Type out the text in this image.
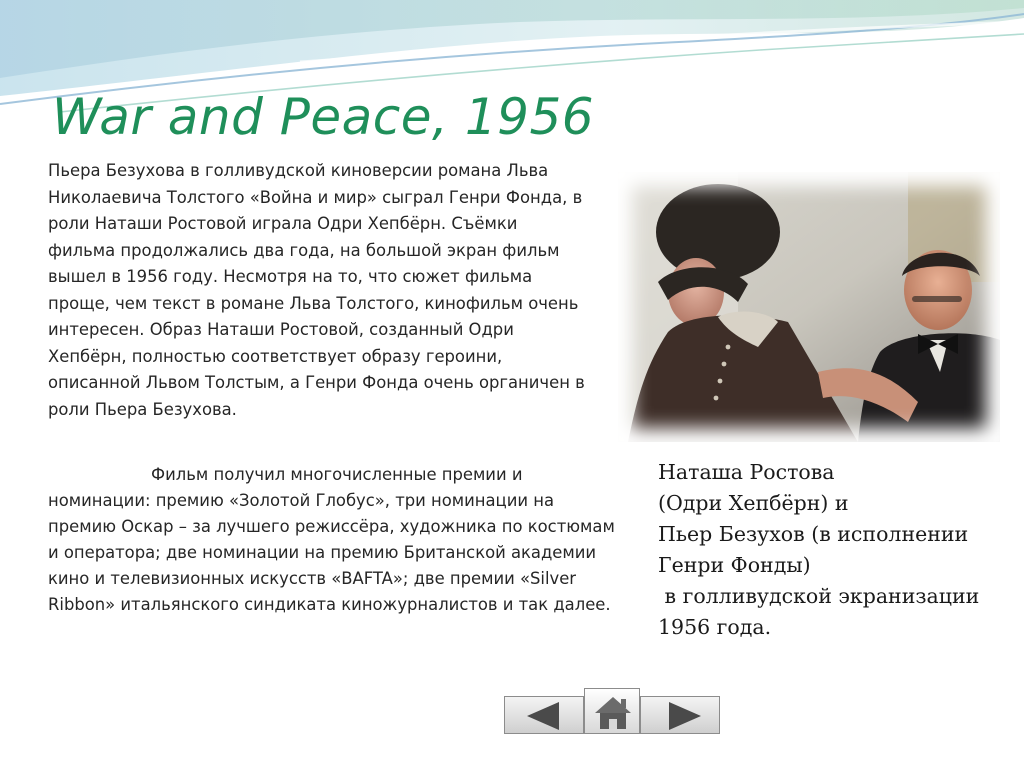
War and Peace, 1956

Пьера Безухова в голливудской киноверсии романа Льва Николаевича Толстого «Война и мир» сыграл Генри Фонда, в роли Наташи Ростовой играла Одри Хепбёрн. Съёмки фильма продолжались два года, на большой экран фильм вышел в 1956 году. Несмотря на то, что сюжет фильма проще, чем текст в романе Льва Толстого, кинофильм очень интересен. Образ Наташи Ростовой, созданный Одри Хепбёрн, полностью соответствует образу героини, описанной Львом Толстым, а Генри Фонда очень органичен в роли Пьера Безухова.

Фильм получил многочисленные премии и номинации: премию «Золотой Глобус», три номинации на премию Оскар – за лучшего режиссёра, художника по костюмам и оператора; две номинации на премию Британской академии кино и телевизионных искусств «BAFTA»; две премии «Silver Ribbon» итальянского синдиката киножурналистов и так далее.

Наташа Ростова
(Одри Хепбёрн) и
Пьер Безухов (в исполнении
Генри Фонды)
в голливудской экранизации
1956 года.
